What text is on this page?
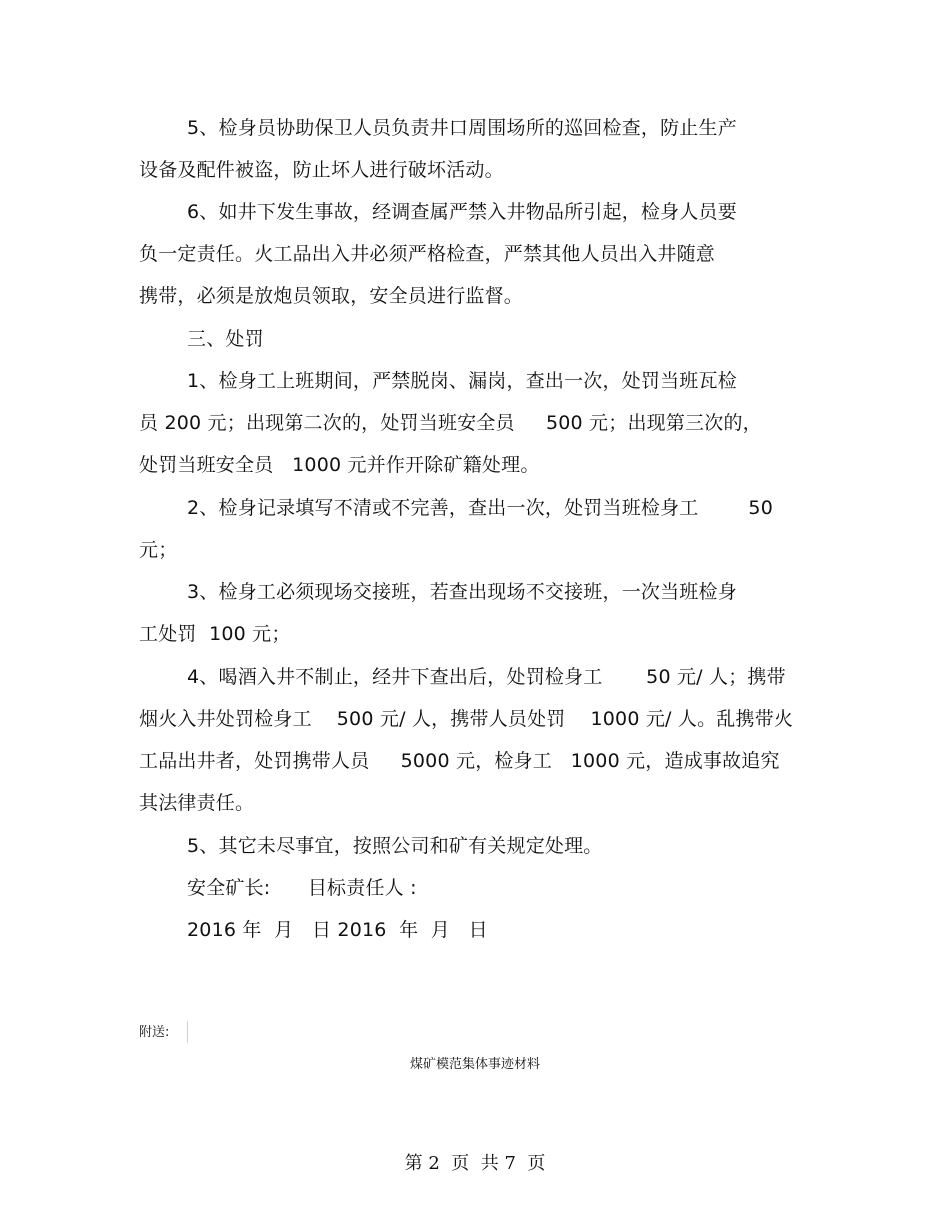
5、检身员协助保卫人员负责井口周围场所的巡回检查，防止生产
设备及配件被盗，防止坏人进行破坏活动。
6、如井下发生事故，经调查属严禁入井物品所引起，检身人员要
负一定责任。火工品出入井必须严格检查，严禁其他人员出入井随意
携带，必须是放炮员领取，安全员进行监督。
三、处罚
1、检身工上班期间，严禁脱岗、漏岗，查出一次，处罚当班瓦检
员 200 元；出现第二次的，处罚当班安全员     500 元；出现第三次的，
处罚当班安全员   1000 元并作开除矿籍处理。
2、检身记录填写不清或不完善，查出一次，处罚当班检身工        50
元；
3、检身工必须现场交接班，若查出现场不交接班，一次当班检身
工处罚  100 元；
4、喝酒入井不制止，经井下查出后，处罚检身工       50 元/ 人；携带
烟火入井处罚检身工    500 元/ 人，携带人员处罚    1000 元/ 人。乱携带火
工品出井者，处罚携带人员     5000 元，检身工   1000 元，造成事故追究
其法律责任。
5、其它未尽事宜，按照公司和矿有关规定处理。
安全矿长:      目标责任人 :
2016 年  月   日 2016  年  月   日
附送:
煤矿模范集体事迹材料
第 2  页  共 7  页
